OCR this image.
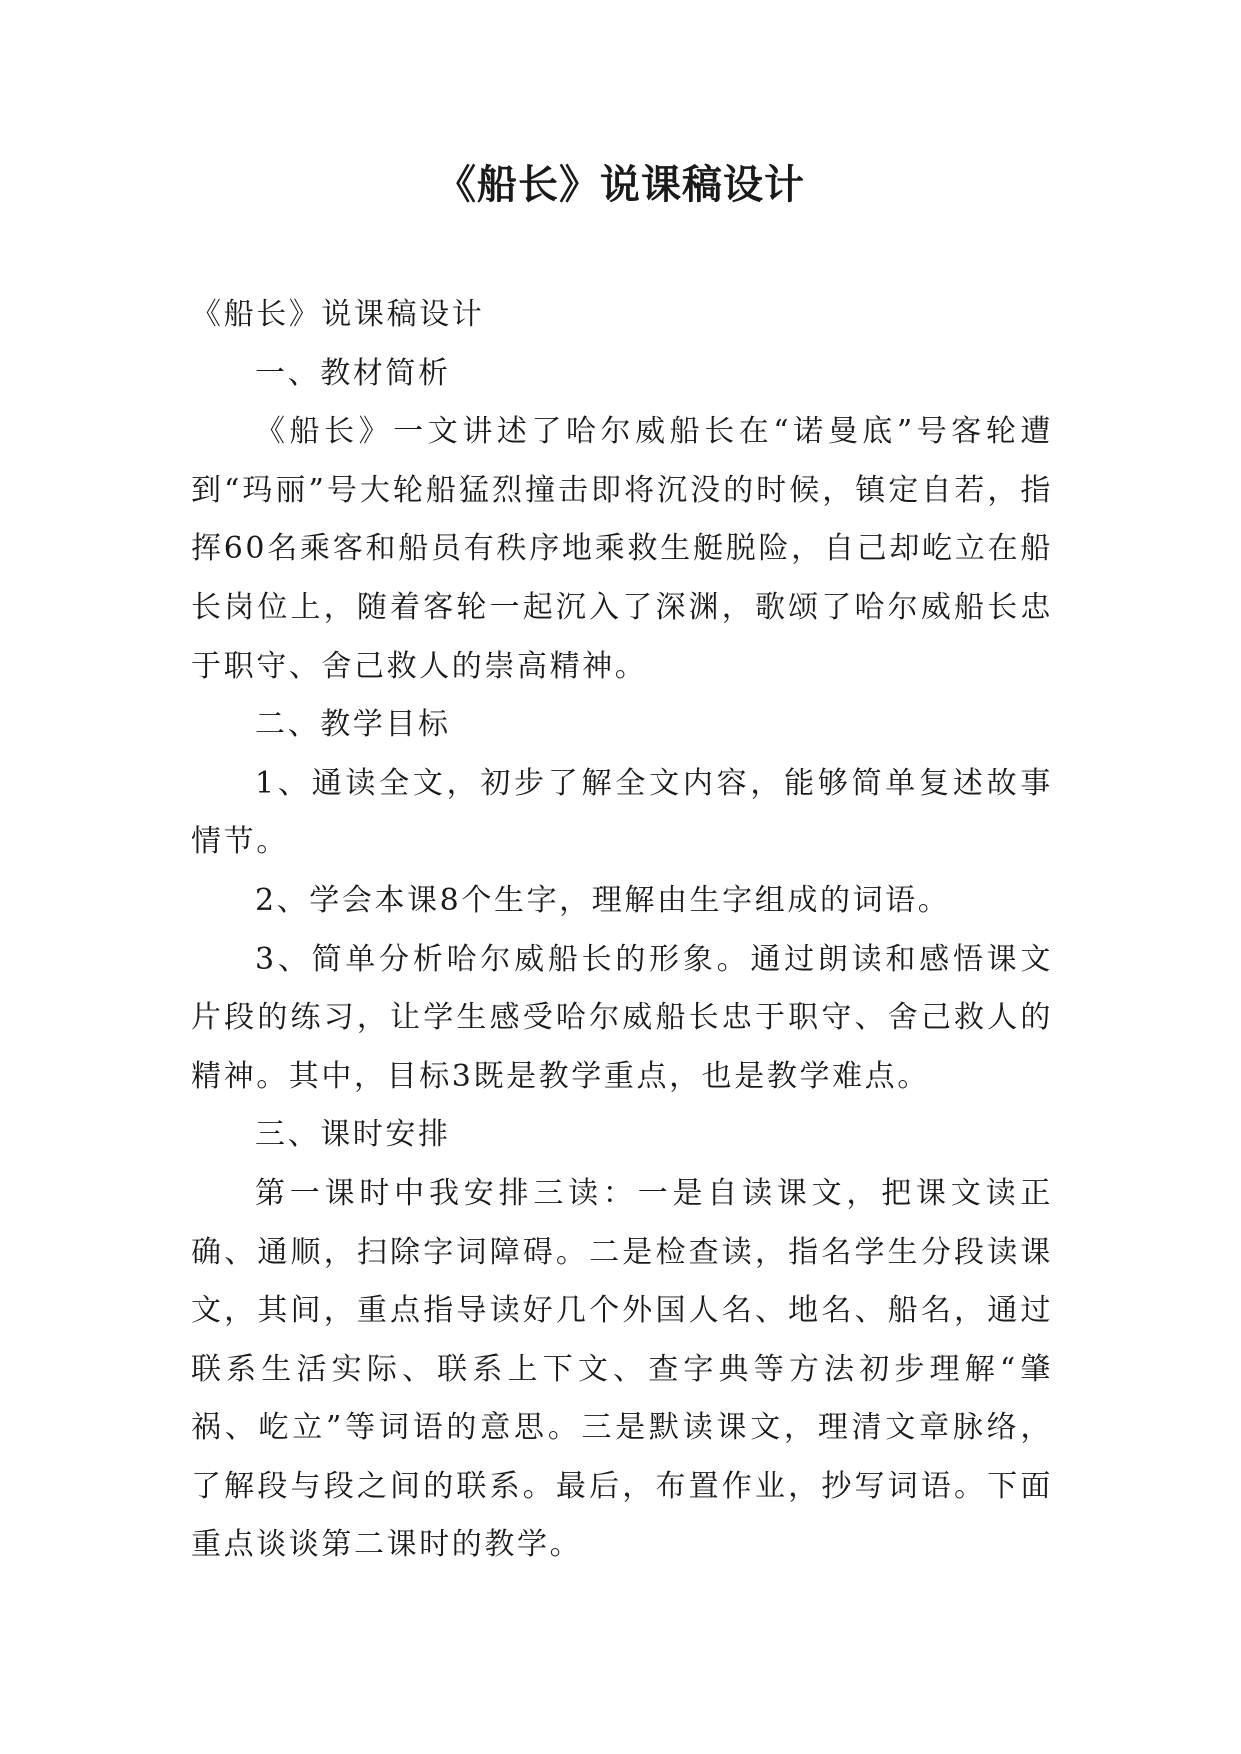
《船长》说课稿设计

《船长》说课稿设计

一、教材简析

《船长》一文讲述了哈尔威船长在“诺曼底”号客轮遭到“玛丽”号大轮船猛烈撞击即将沉没的时候，镇定自若，指挥60名乘客和船员有秩序地乘救生艇脱险，自己却屹立在船长岗位上，随着客轮一起沉入了深渊，歌颂了哈尔威船长忠于职守、舍己救人的崇高精神。

二、教学目标

1、通读全文，初步了解全文内容，能够简单复述故事情节。

2、学会本课8个生字，理解由生字组成的词语。

3、简单分析哈尔威船长的形象。通过朗读和感悟课文片段的练习，让学生感受哈尔威船长忠于职守、舍己救人的精神。其中，目标3既是教学重点，也是教学难点。

三、课时安排

第一课时中我安排三读：一是自读课文，把课文读正确、通顺，扫除字词障碍。二是检查读，指名学生分段读课文，其间，重点指导读好几个外国人名、地名、船名，通过联系生活实际、联系上下文、查字典等方法初步理解“肇祸、屹立”等词语的意思。三是默读课文，理清文章脉络，了解段与段之间的联系。最后，布置作业，抄写词语。下面重点谈谈第二课时的教学。
